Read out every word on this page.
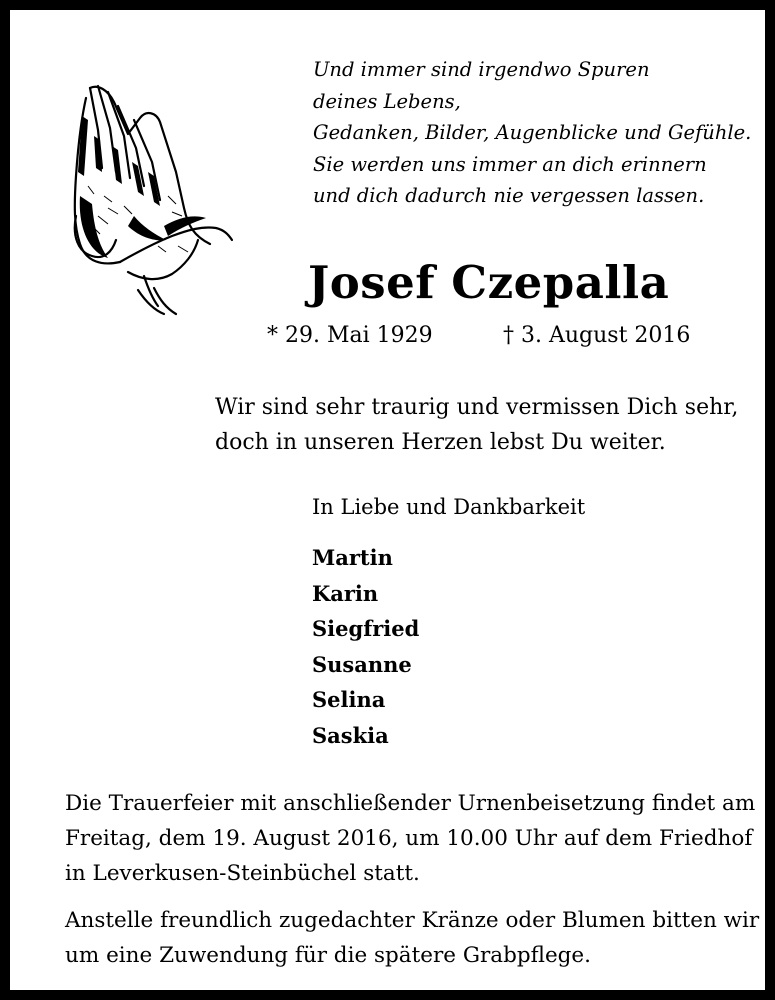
Und immer sind irgendwo Spuren
deines Lebens,
Gedanken, Bilder, Augenblicke und Gefühle.
Sie werden uns immer an dich erinnern
und dich dadurch nie vergessen lassen.
Josef Czepalla
* 29. Mai 1929	† 3. August 2016
Wir sind sehr traurig und vermissen Dich sehr,
doch in unseren Herzen lebst Du weiter.
In Liebe und Dankbarkeit
Martin
Karin
Siegfried
Susanne
Selina
Saskia
Die Trauerfeier mit anschließender Urnenbeisetzung findet am
Freitag, dem 19. August 2016, um 10.00 Uhr auf dem Friedhof
in Leverkusen-Steinbüchel statt.
Anstelle freundlich zugedachter Kränze oder Blumen bitten wir
um eine Zuwendung für die spätere Grabpflege.
